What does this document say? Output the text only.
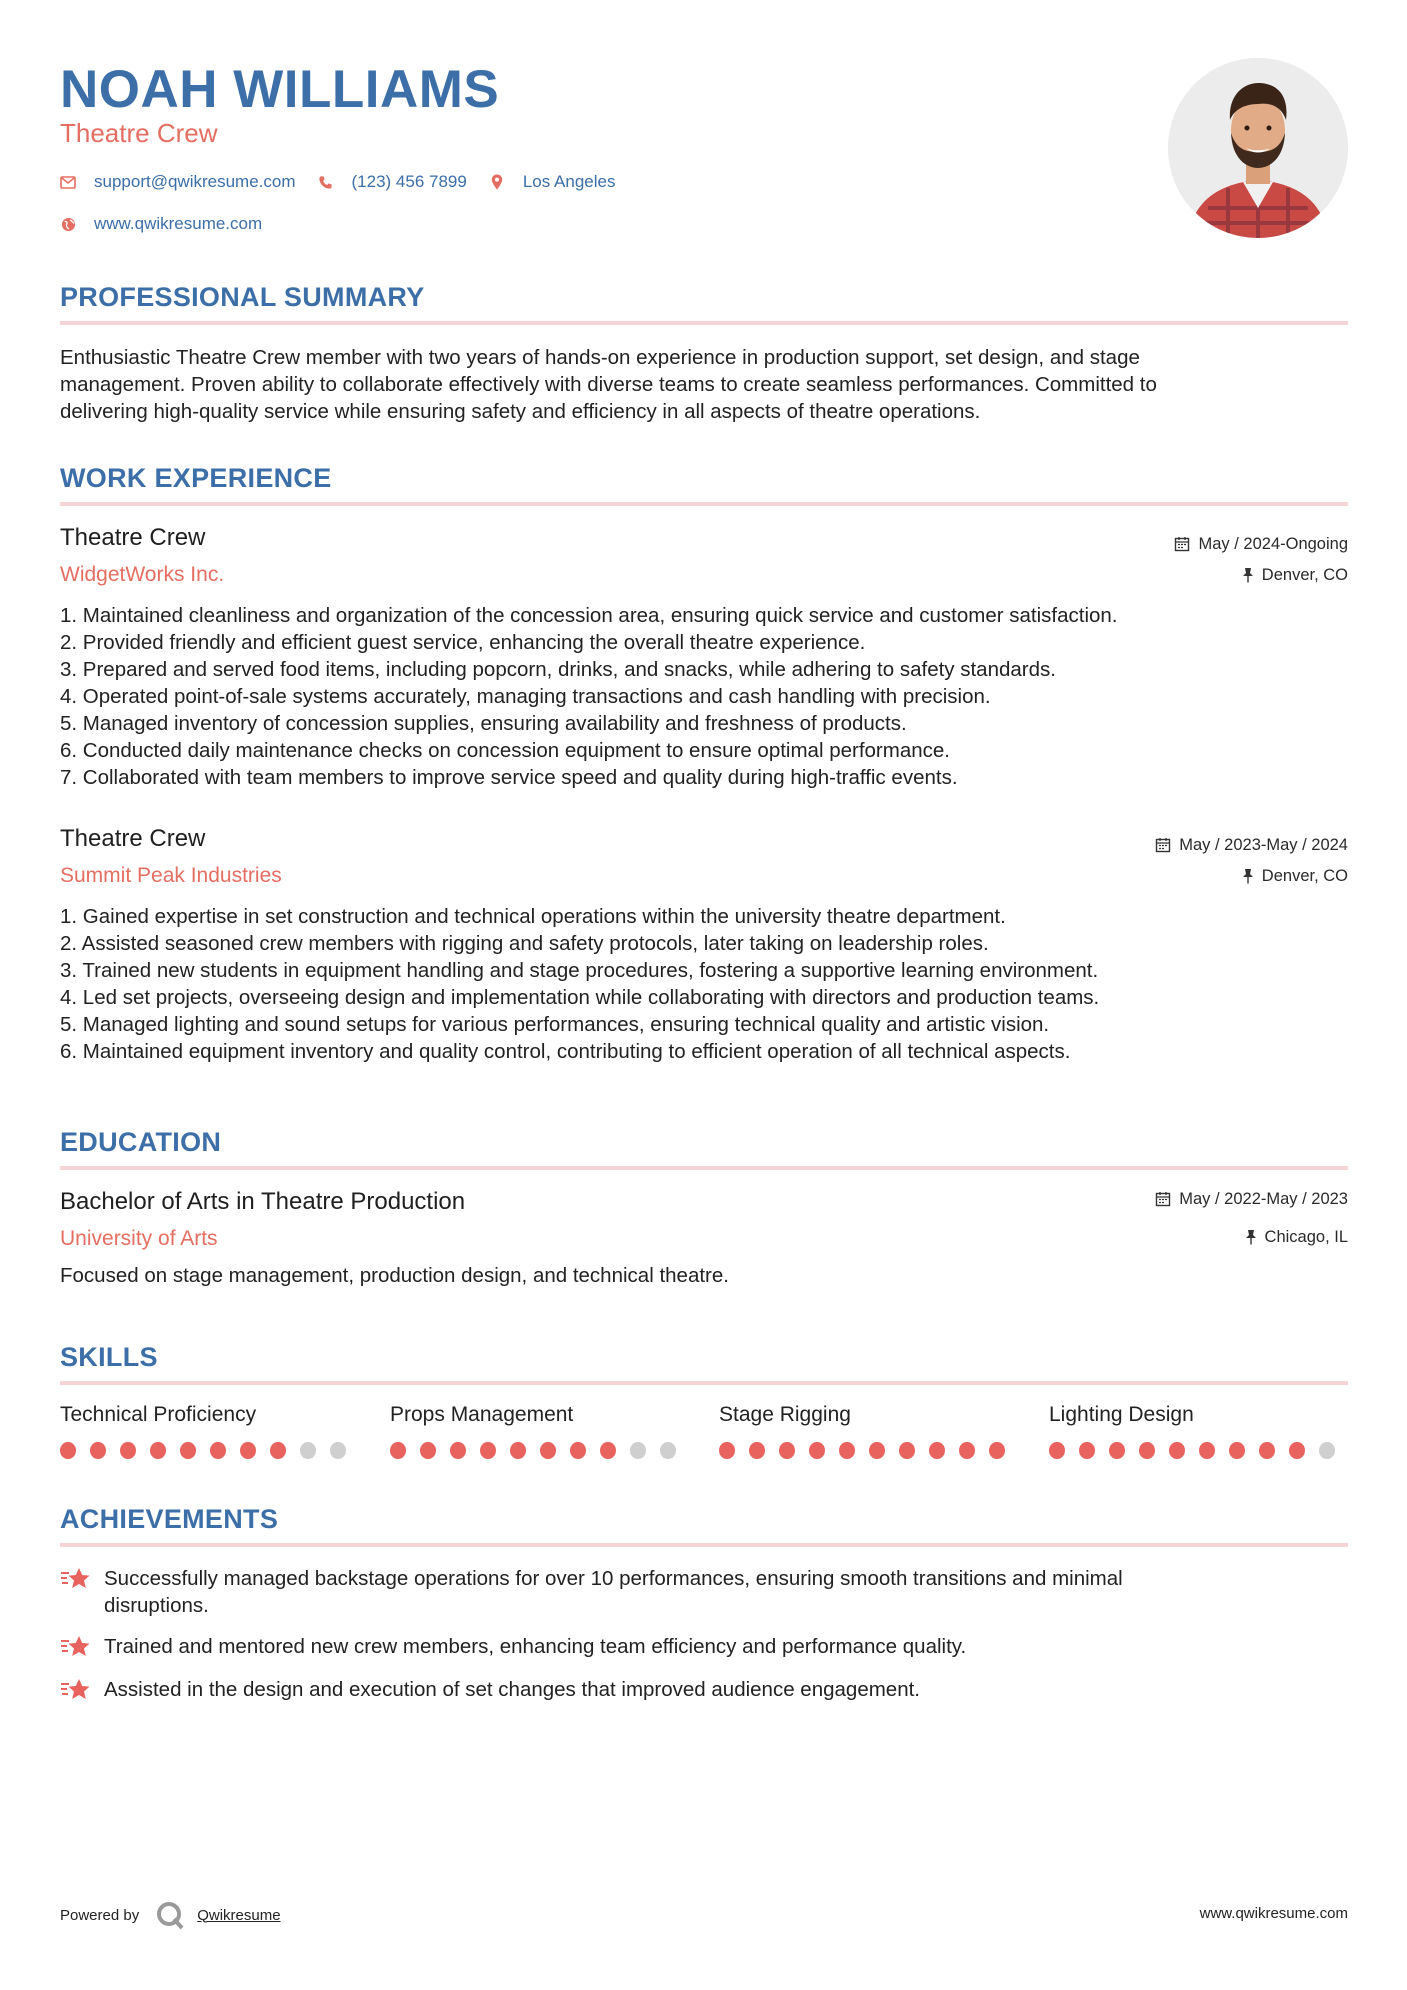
NOAH WILLIAMS
Theatre Crew
support@qwikresume.com	(123) 456 7899	Los Angeles
www.qwikresume.com
PROFESSIONAL SUMMARY
Enthusiastic Theatre Crew member with two years of hands-on experience in production support, set design, and stage
management. Proven ability to collaborate effectively with diverse teams to create seamless performances. Committed to
delivering high-quality service while ensuring safety and efficiency in all aspects of theatre operations.
WORK EXPERIENCE
Theatre Crew
WidgetWorks Inc.
May / 2024-Ongoing
Denver, CO
1. Maintained cleanliness and organization of the concession area, ensuring quick service and customer satisfaction.
2. Provided friendly and efficient guest service, enhancing the overall theatre experience.
3. Prepared and served food items, including popcorn, drinks, and snacks, while adhering to safety standards.
4. Operated point-of-sale systems accurately, managing transactions and cash handling with precision.
5. Managed inventory of concession supplies, ensuring availability and freshness of products.
6. Conducted daily maintenance checks on concession equipment to ensure optimal performance.
7. Collaborated with team members to improve service speed and quality during high-traffic events.
Theatre Crew
Summit Peak Industries
May / 2023-May / 2024
Denver, CO
1. Gained expertise in set construction and technical operations within the university theatre department.
2. Assisted seasoned crew members with rigging and safety protocols, later taking on leadership roles.
3. Trained new students in equipment handling and stage procedures, fostering a supportive learning environment.
4. Led set projects, overseeing design and implementation while collaborating with directors and production teams.
5. Managed lighting and sound setups for various performances, ensuring technical quality and artistic vision.
6. Maintained equipment inventory and quality control, contributing to efficient operation of all technical aspects.
EDUCATION
Bachelor of Arts in Theatre Production
University of Arts
May / 2022-May / 2023
Chicago, IL
Focused on stage management, production design, and technical theatre.
SKILLS
Technical Proficiency	Props Management	Stage Rigging	Lighting Design
ACHIEVEMENTS
Successfully managed backstage operations for over 10 performances, ensuring smooth transitions and minimal
disruptions.
Trained and mentored new crew members, enhancing team efficiency and performance quality.
Assisted in the design and execution of set changes that improved audience engagement.
Powered by	Qwikresume	www.qwikresume.com
